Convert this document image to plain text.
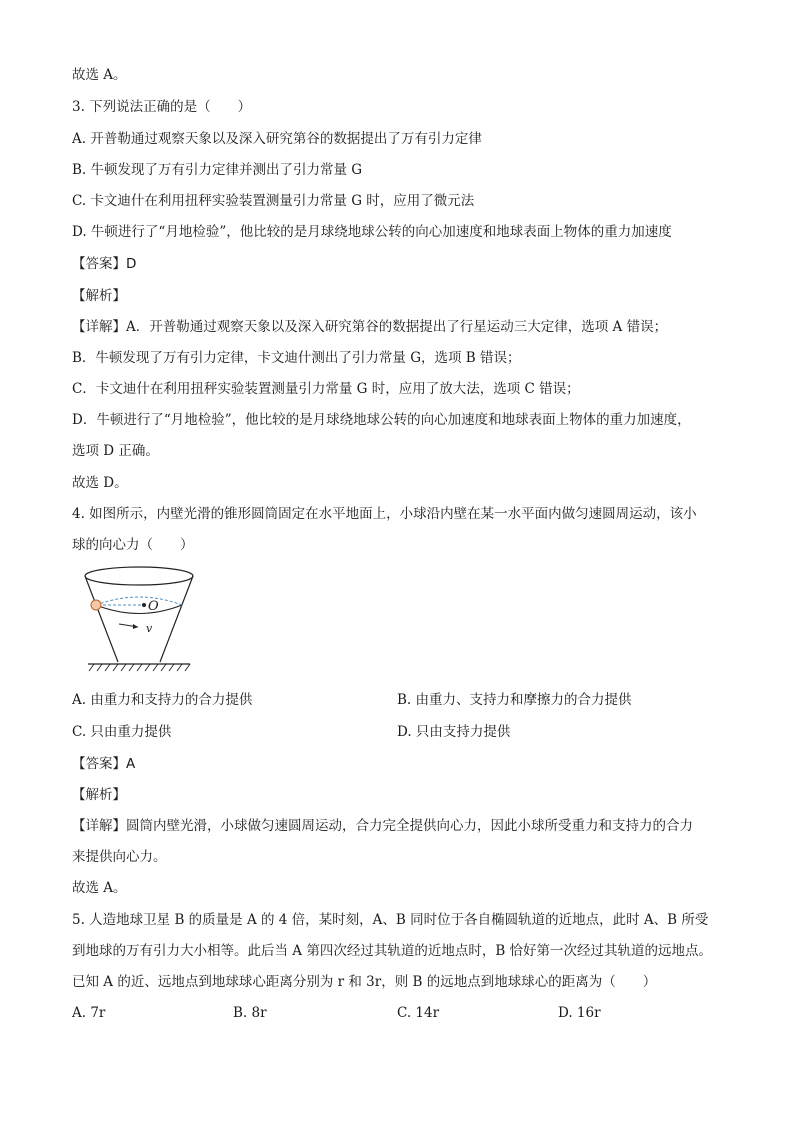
故选 A。
3. 下列说法正确的是（　　）
A. 开普勒通过观察天象以及深入研究第谷的数据提出了万有引力定律
B. 牛顿发现了万有引力定律并测出了引力常量 G
C. 卡文迪什在利用扭秤实验装置测量引力常量 G 时，应用了微元法
D. 牛顿进行了“月地检验”，他比较的是月球绕地球公转的向心加速度和地球表面上物体的重力加速度
【答案】D
【解析】
【详解】A．开普勒通过观察天象以及深入研究第谷的数据提出了行星运动三大定律，选项 A 错误；
B．牛顿发现了万有引力定律，卡文迪什测出了引力常量 G，选项 B 错误；
C．卡文迪什在利用扭秤实验装置测量引力常量 G 时，应用了放大法，选项 C 错误；
D．牛顿进行了“月地检验”，他比较的是月球绕地球公转的向心加速度和地球表面上物体的重力加速度，
选项 D 正确。
故选 D。
4. 如图所示，内壁光滑的锥形圆筒固定在水平地面上，小球沿内壁在某一水平面内做匀速圆周运动，该小
球的向心力（　　）
O
v
A. 由重力和支持力的合力提供	B. 由重力、支持力和摩擦力的合力提供
C. 只由重力提供	D. 只由支持力提供
【答案】A
【解析】
【详解】圆筒内壁光滑，小球做匀速圆周运动，合力完全提供向心力，因此小球所受重力和支持力的合力
来提供向心力。
故选 A。
5. 人造地球卫星 B 的质量是 A 的 4 倍，某时刻，A、B 同时位于各自椭圆轨道的近地点，此时 A、B 所受
到地球的万有引力大小相等。此后当 A 第四次经过其轨道的近地点时，B 恰好第一次经过其轨道的远地点。
已知 A 的近、远地点到地球球心距离分别为 r 和 3r，则 B 的远地点到地球球心的距离为（　　）
A. 7r	B. 8r	C. 14r	D. 16r
